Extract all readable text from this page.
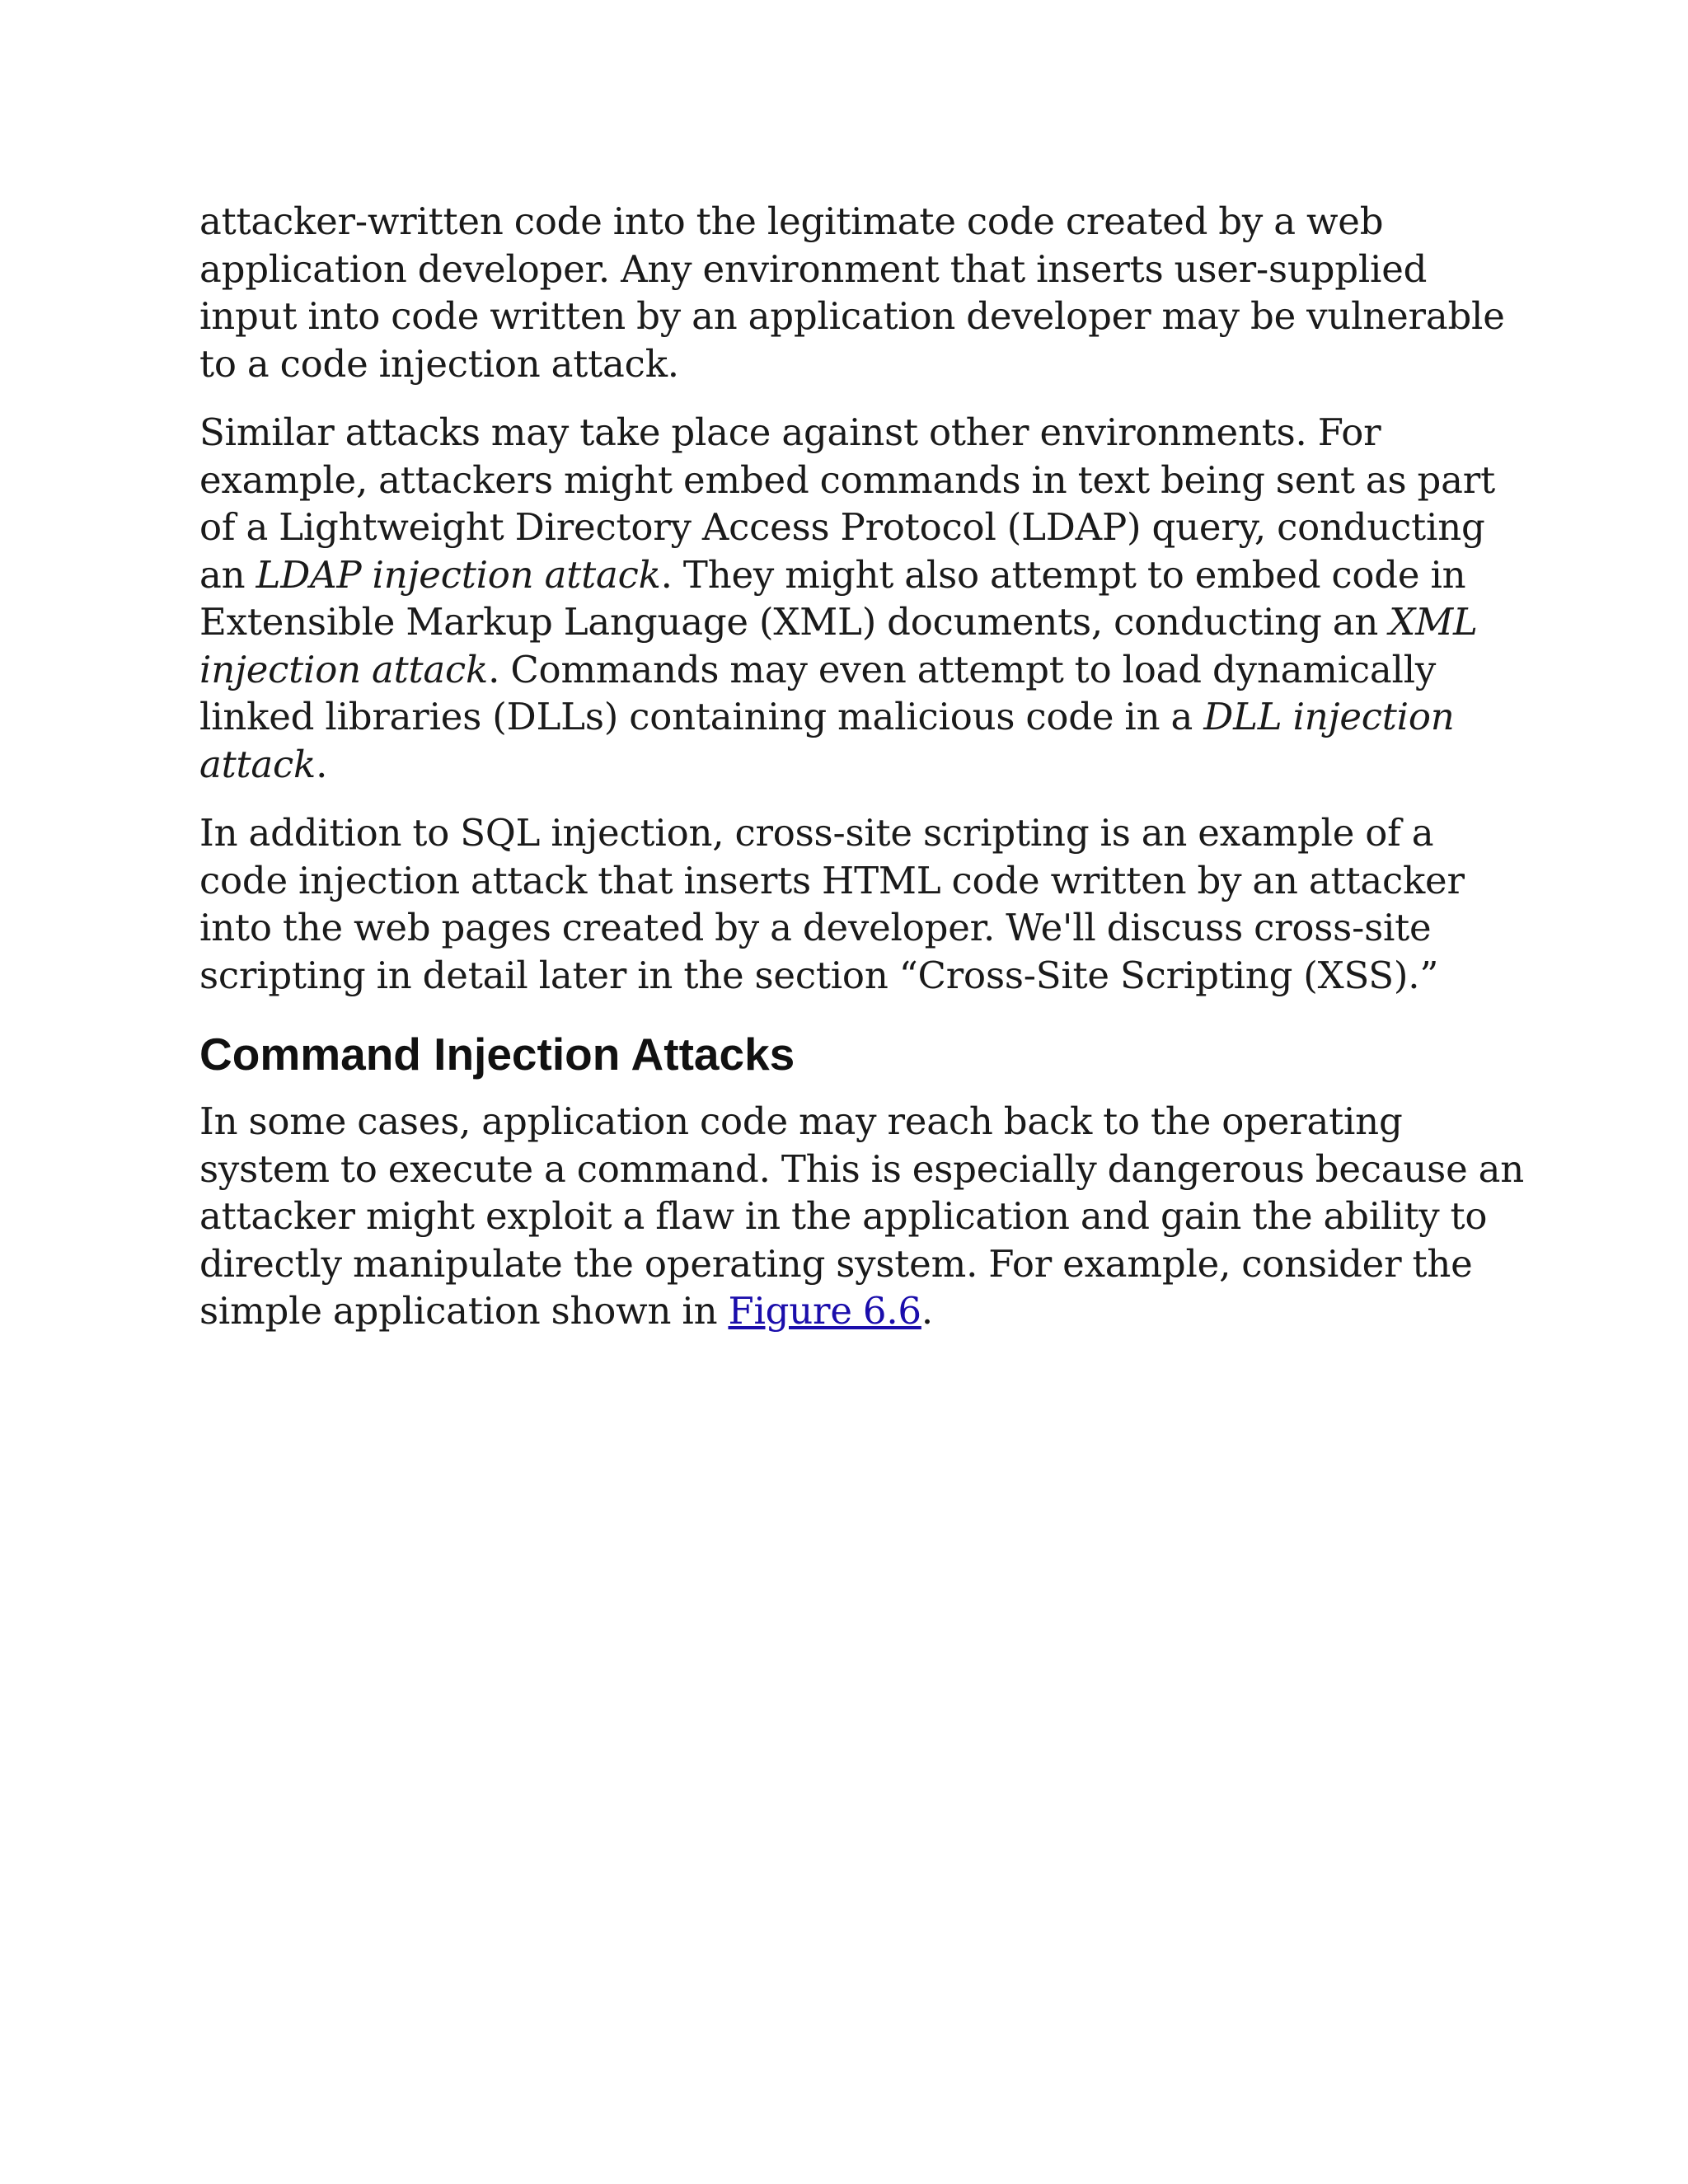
attacker-written code into the legitimate code created by a web
application developer. Any environment that inserts user-supplied
input into code written by an application developer may be vulnerable
to a code injection attack.

Similar attacks may take place against other environments. For
example, attackers might embed commands in text being sent as part
of a Lightweight Directory Access Protocol (LDAP) query, conducting
an LDAP injection attack. They might also attempt to embed code in
Extensible Markup Language (XML) documents, conducting an XML
injection attack. Commands may even attempt to load dynamically
linked libraries (DLLs) containing malicious code in a DLL injection
attack.

In addition to SQL injection, cross-site scripting is an example of a
code injection attack that inserts HTML code written by an attacker
into the web pages created by a developer. We'll discuss cross-site
scripting in detail later in the section “Cross-Site Scripting (XSS).”

Command Injection Attacks

In some cases, application code may reach back to the operating
system to execute a command. This is especially dangerous because an
attacker might exploit a flaw in the application and gain the ability to
directly manipulate the operating system. For example, consider the
simple application shown in Figure 6.6.
